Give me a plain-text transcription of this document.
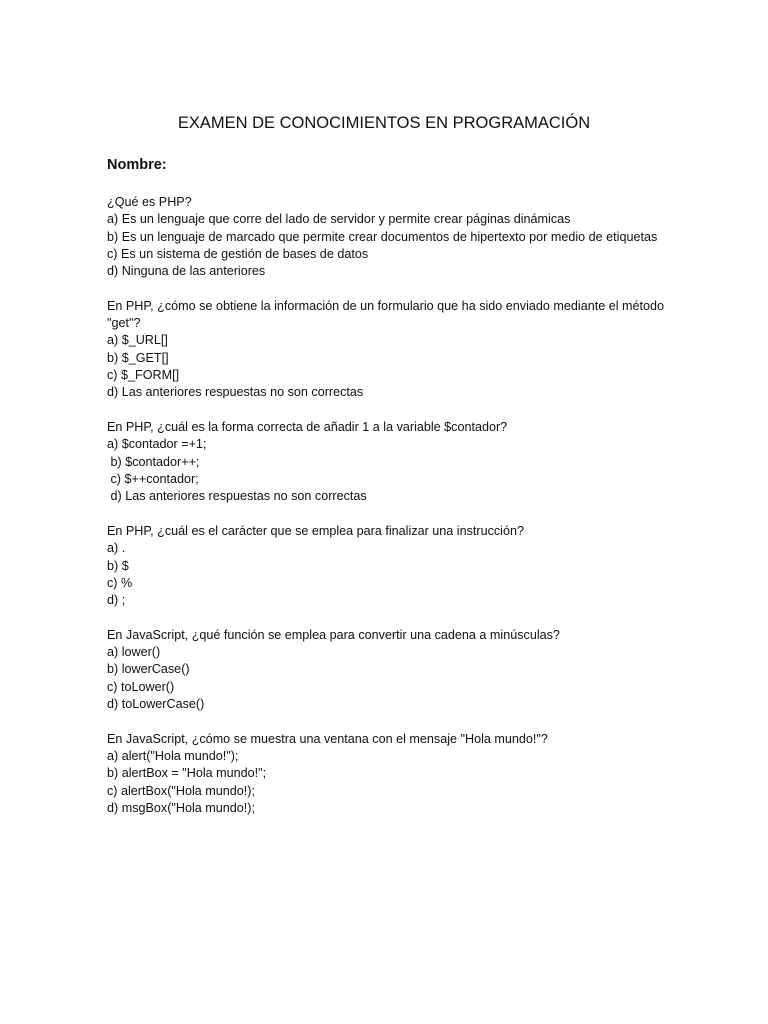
EXAMEN DE CONOCIMIENTOS EN PROGRAMACIÓN
Nombre:
¿Qué es PHP?
a) Es un lenguaje que corre del lado de servidor y permite crear páginas dinámicas
b) Es un lenguaje de marcado que permite crear documentos de hipertexto por medio de etiquetas
c) Es un sistema de gestión de bases de datos
d) Ninguna de las anteriores
En PHP, ¿cómo se obtiene la información de un formulario que ha sido enviado mediante el método "get"?
a) $_URL[]
b) $_GET[]
c) $_FORM[]
d) Las anteriores respuestas no son correctas
En PHP, ¿cuál es la forma correcta de añadir 1 a la variable $contador?
a) $contador =+1;
b) $contador++;
c) $++contador;
d) Las anteriores respuestas no son correctas
En PHP, ¿cuál es el carácter que se emplea para finalizar una instrucción?
a) .
b) $
c) %
d) ;
En JavaScript, ¿qué función se emplea para convertir una cadena a minúsculas?
a) lower()
b) lowerCase()
c) toLower()
d) toLowerCase()
En JavaScript, ¿cómo se muestra una ventana con el mensaje "Hola mundo!"?
a) alert("Hola mundo!");
b) alertBox = "Hola mundo!";
c) alertBox("Hola mundo!);
d) msgBox("Hola mundo!);
